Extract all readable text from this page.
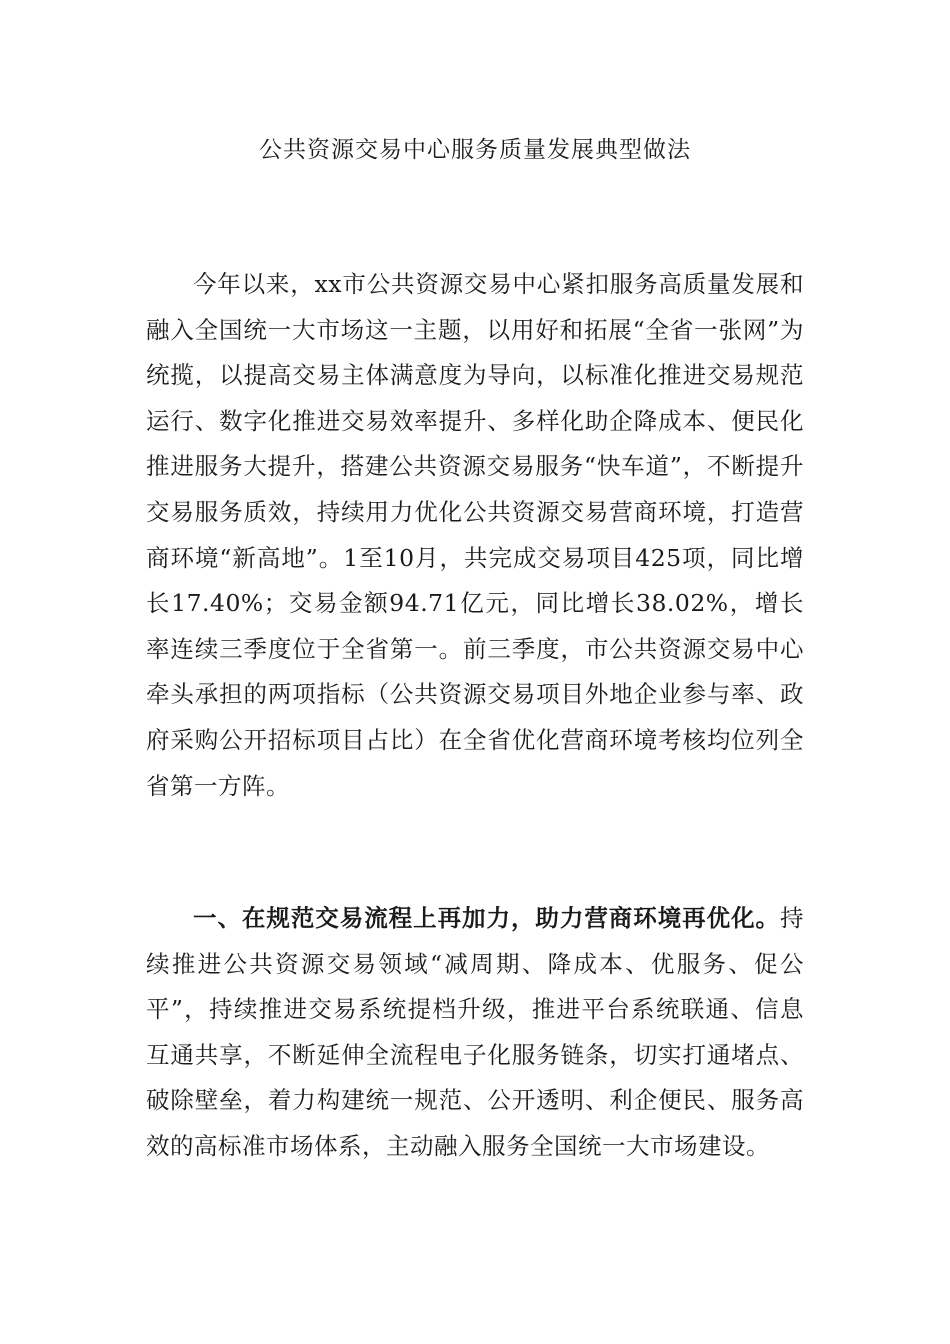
公共资源交易中心服务质量发展典型做法

今年以来，xx市公共资源交易中心紧扣服务高质量发展和融入全国统一大市场这一主题，以用好和拓展“全省一张网”为统揽，以提高交易主体满意度为导向，以标准化推进交易规范运行、数字化推进交易效率提升、多样化助企降成本、便民化推进服务大提升，搭建公共资源交易服务“快车道”，不断提升交易服务质效，持续用力优化公共资源交易营商环境，打造营商环境“新高地”。1至10月，共完成交易项目425项，同比增长17.40%；交易金额94.71亿元，同比增长38.02%，增长率连续三季度位于全省第一。前三季度，市公共资源交易中心牵头承担的两项指标（公共资源交易项目外地企业参与率、政府采购公开招标项目占比）在全省优化营商环境考核均位列全省第一方阵。

一、在规范交易流程上再加力，助力营商环境再优化。持续推进公共资源交易领域“减周期、降成本、优服务、促公平”，持续推进交易系统提档升级，推进平台系统联通、信息互通共享，不断延伸全流程电子化服务链条，切实打通堵点、破除壁垒，着力构建统一规范、公开透明、利企便民、服务高效的高标准市场体系，主动融入服务全国统一大市场建设。
